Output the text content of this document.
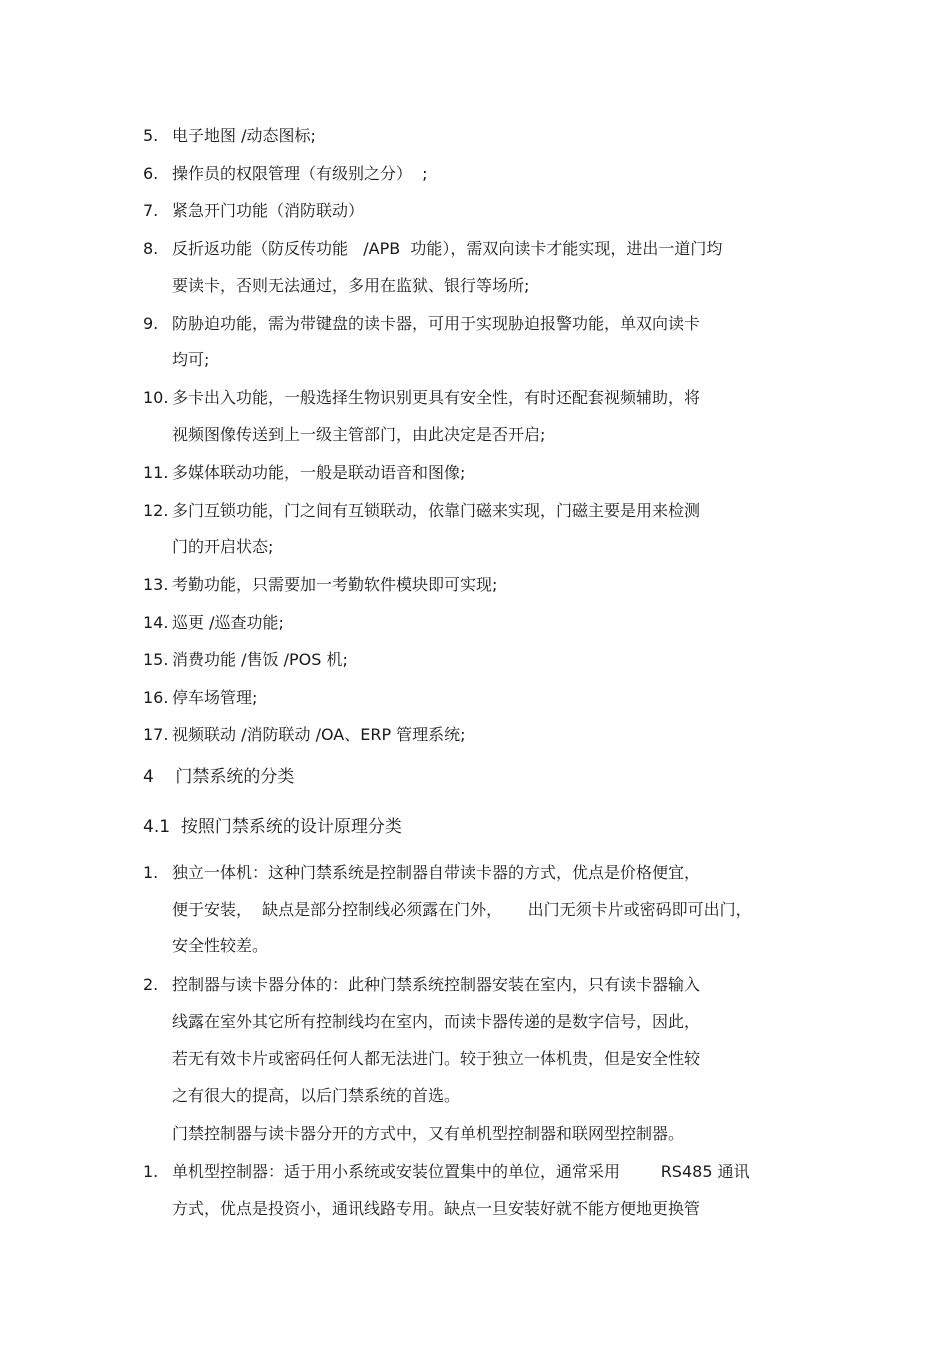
5. 电子地图 /动态图标;
6. 操作员的权限管理（有级别之分）  ;
7. 紧急开门功能（消防联动）
8. 反折返功能（防反传功能   /APB  功能），需双向读卡才能实现，进出一道门均
要读卡，否则无法通过，多用在监狱、银行等场所;
9. 防胁迫功能，需为带键盘的读卡器，可用于实现胁迫报警功能，单双向读卡
均可;
10. 多卡出入功能，一般选择生物识别更具有安全性，有时还配套视频辅助，将
视频图像传送到上一级主管部门，由此决定是否开启;
11. 多媒体联动功能，一般是联动语音和图像;
12. 多门互锁功能，门之间有互锁联动，依靠门磁来实现，门磁主要是用来检测
门的开启状态;
13. 考勤功能，只需要加一考勤软件模块即可实现;
14. 巡更 /巡查功能;
15. 消费功能 /售饭 /POS 机;
16. 停车场管理;
17. 视频联动 /消防联动 /OA、ERP 管理系统;
4    门禁系统的分类
4.1  按照门禁系统的设计原理分类
1. 独立一体机：这种门禁系统是控制器自带读卡器的方式，优点是价格便宜，
便于安装，  缺点是部分控制线必须露在门外，     出门无须卡片或密码即可出门，
安全性较差。
2. 控制器与读卡器分体的：此种门禁系统控制器安装在室内，只有读卡器输入
线露在室外其它所有控制线均在室内，而读卡器传递的是数字信号，因此，
若无有效卡片或密码任何人都无法进门。较于独立一体机贵，但是安全性较
之有很大的提高，以后门禁系统的首选。
门禁控制器与读卡器分开的方式中，又有单机型控制器和联网型控制器。
1. 单机型控制器：适于用小系统或安装位置集中的单位，通常采用        RS485 通讯
方式，优点是投资小，通讯线路专用。缺点一旦安装好就不能方便地更换管
